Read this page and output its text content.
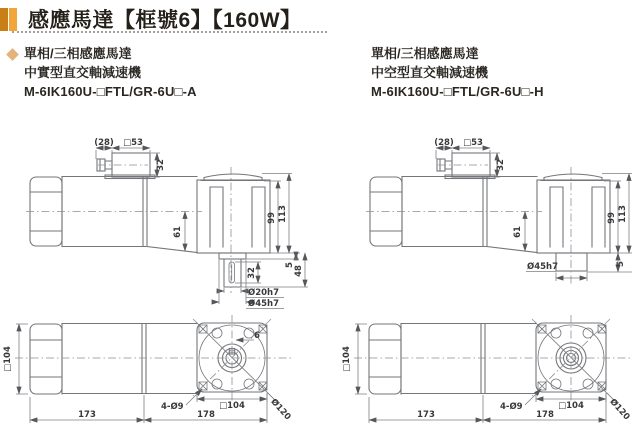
感應馬達【框號6】【160W】

單相/三相感應馬達

中實型直交軸減速機

M-6IK160U-□FTL/GR-6U□-A

單相/三相感應馬達

中空型直交軸減速機

M-6IK160U-□FTL/GR-6U□-H

(28) □53
32
61
99 113
5
48
32
Ø20h7
Ø45h7
(28) □53
32
61
99 113
5
Ø45h7
□104
6
4-Ø9	□104
173	178	Ø120
□104
4-Ø9	□104
173	178	Ø120
